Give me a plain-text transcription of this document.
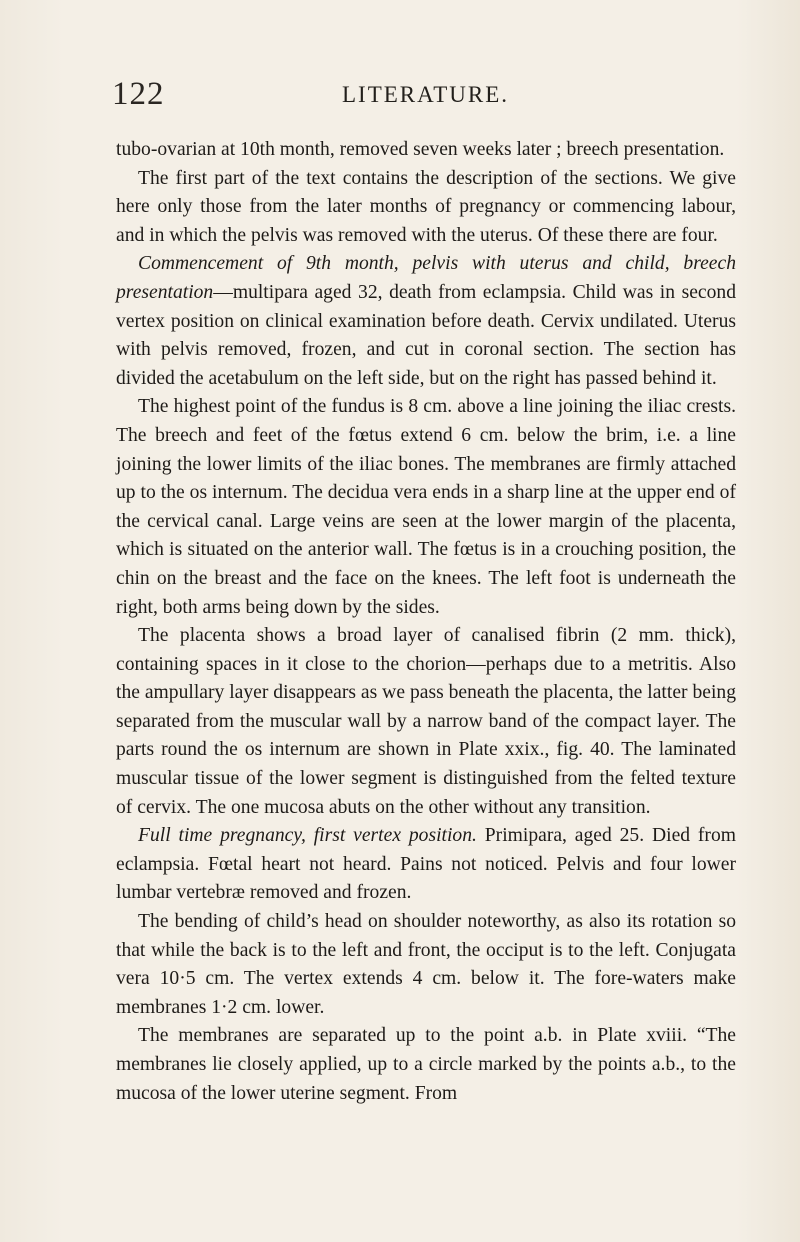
122	LITERATURE.

tubo-ovarian at 10th month, removed seven weeks later ; breech presentation.

The first part of the text contains the description of the sections. We give here only those from the later months of pregnancy or commencing labour, and in which the pelvis was removed with the uterus. Of these there are four.

Commencement of 9th month, pelvis with uterus and child, breech presentation—multipara aged 32, death from eclampsia. Child was in second vertex position on clinical examination before death. Cervix undilated. Uterus with pelvis removed, frozen, and cut in coronal section. The section has divided the acetabulum on the left side, but on the right has passed behind it.

The highest point of the fundus is 8 cm. above a line joining the iliac crests. The breech and feet of the fœtus extend 6 cm. below the brim, i.e. a line joining the lower limits of the iliac bones. The membranes are firmly attached up to the os internum. The decidua vera ends in a sharp line at the upper end of the cervical canal. Large veins are seen at the lower margin of the placenta, which is situated on the anterior wall. The fœtus is in a crouching position, the chin on the breast and the face on the knees. The left foot is underneath the right, both arms being down by the sides.

The placenta shows a broad layer of canalised fibrin (2 mm. thick), containing spaces in it close to the chorion—perhaps due to a metritis. Also the ampullary layer disappears as we pass beneath the placenta, the latter being separated from the muscular wall by a narrow band of the compact layer. The parts round the os internum are shown in Plate xxix., fig. 40. The laminated muscular tissue of the lower segment is distinguished from the felted texture of cervix. The one mucosa abuts on the other without any transition.

Full time pregnancy, first vertex position. Primipara, aged 25. Died from eclampsia. Fœtal heart not heard. Pains not noticed. Pelvis and four lower lumbar vertebræ removed and frozen.

The bending of child’s head on shoulder noteworthy, as also its rotation so that while the back is to the left and front, the occiput is to the left. Conjugata vera 10·5 cm. The vertex extends 4 cm. below it. The fore-waters make membranes 1·2 cm. lower.

The membranes are separated up to the point a.b. in Plate xviii. “The membranes lie closely applied, up to a circle marked by the points a.b., to the mucosa of the lower uterine segment. From
